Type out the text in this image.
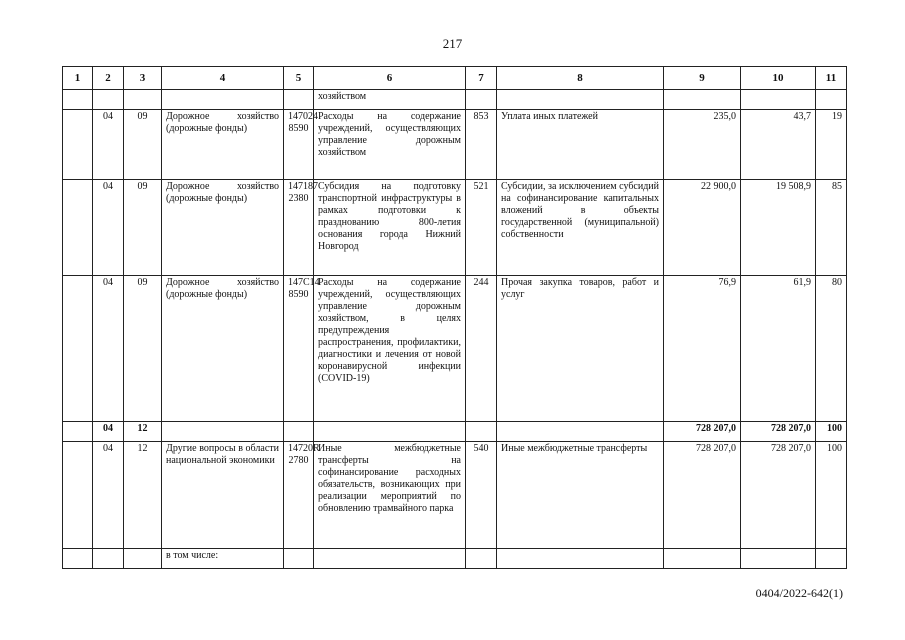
217
1	2	3	4	5	6	7	8	9	10	11
					хозяйством					
	04	09	Дорожное хозяйство (дорожные фонды)	147024 8590	Расходы на содержание учреждений, осуществляющих управление дорожным хозяйством	853	Уплата иных платежей	235,0	43,7	19
	04	09	Дорожное хозяйство (дорожные фонды)	147187 2380	Субсидия на подготовку транспортной инфраструктуры в рамках подготовки к празднованию 800-летия основания города Нижний Новгород	521	Субсидии, за исключением субсидий на софинансирование капитальных вложений в объекты государственной (муниципальной) собственности	22 900,0	19 508,9	85
	04	09	Дорожное хозяйство (дорожные фонды)	147С14 8590	Расходы на содержание учреждений, осуществляющих управление дорожным хозяйством, в целях предупреждения распространения, профилактики, диагностики и лечения от новой коронавирусной инфекции (COVID-19)	244	Прочая закупка товаров, работ и услуг	76,9	61,9	80
	04	12						728 207,0	728 207,0	100
	04	12	Другие вопросы в области национальной экономики	14720R 2780	Иные межбюджетные трансферты на софинансирование расходных обязательств, возникающих при реализации мероприятий по обновлению трамвайного парка	540	Иные межбюджетные трансферты	728 207,0	728 207,0	100
			в том числе:							
0404/2022-642(1)
